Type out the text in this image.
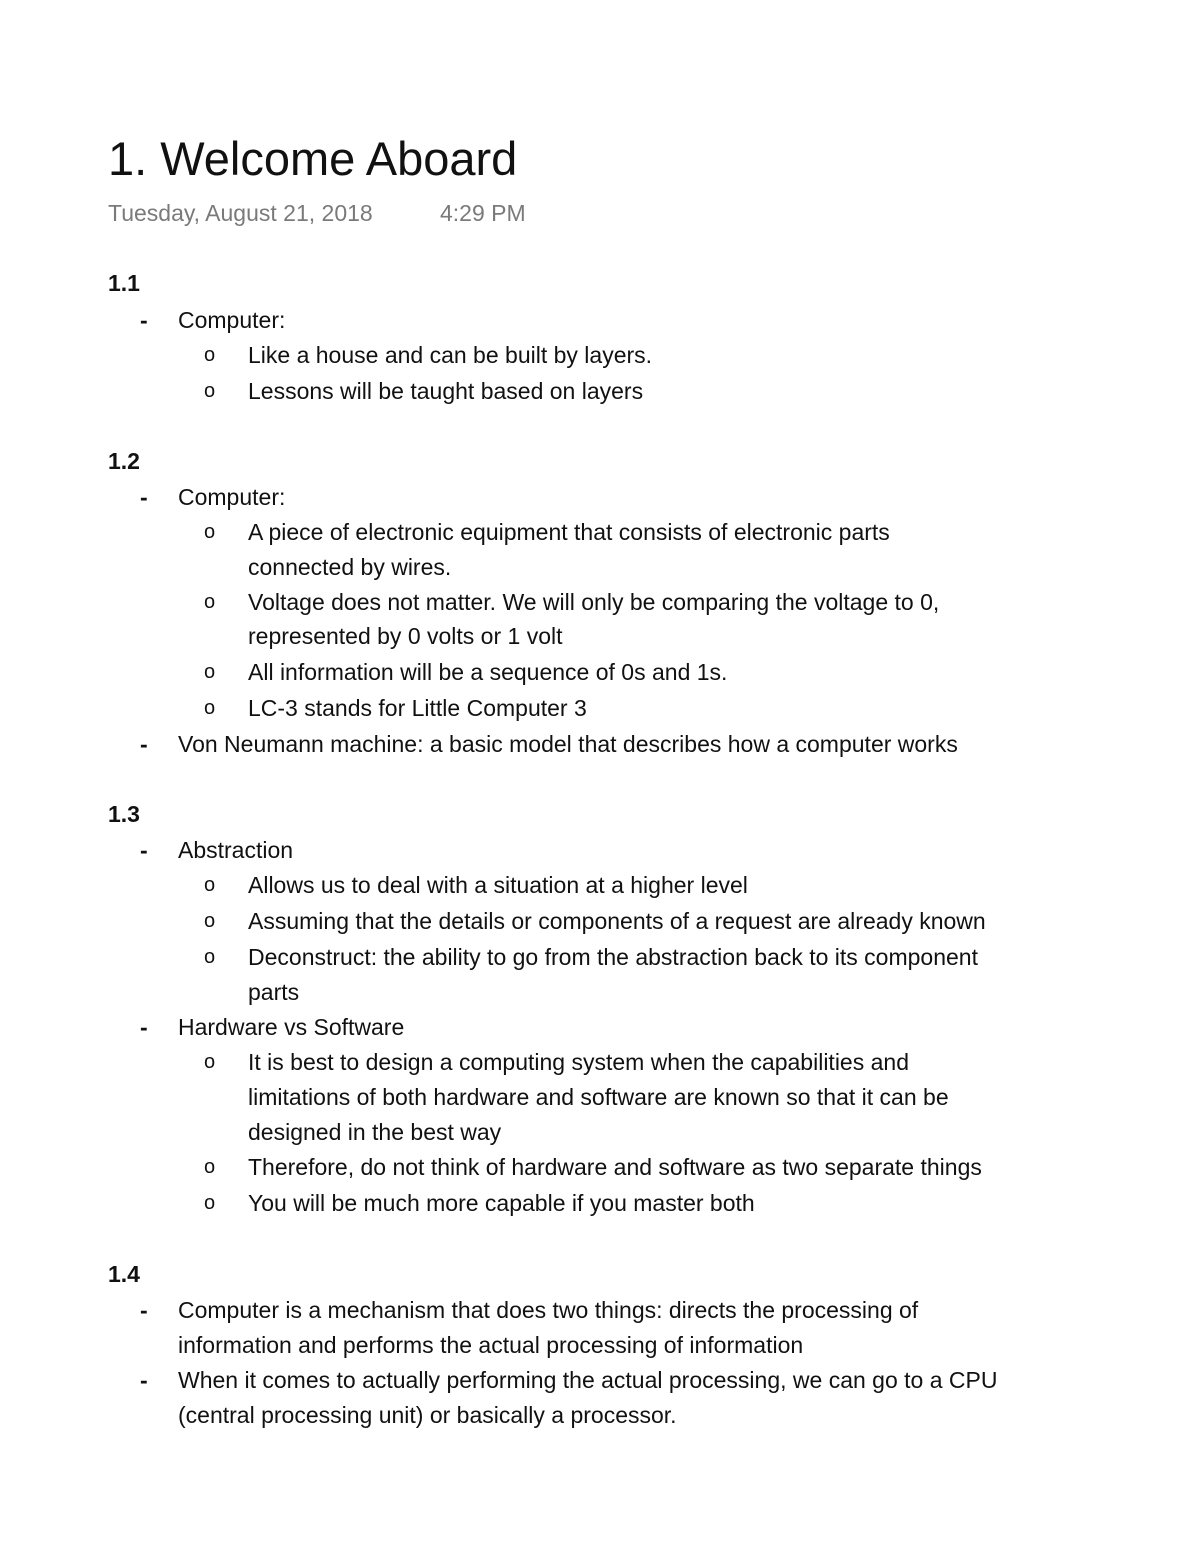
1. Welcome Aboard
Tuesday, August 21, 2018	4:29 PM
1.1
- Computer:
o Like a house and can be built by layers.
o Lessons will be taught based on layers
1.2
- Computer:
o A piece of electronic equipment that consists of electronic parts
connected by wires.
o Voltage does not matter. We will only be comparing the voltage to 0,
represented by 0 volts or 1 volt
o All information will be a sequence of 0s and 1s.
o LC-3 stands for Little Computer 3
- Von Neumann machine: a basic model that describes how a computer works
1.3
- Abstraction
o Allows us to deal with a situation at a higher level
o Assuming that the details or components of a request are already known
o Deconstruct: the ability to go from the abstraction back to its component
parts
- Hardware vs Software
o It is best to design a computing system when the capabilities and
limitations of both hardware and software are known so that it can be
designed in the best way
o Therefore, do not think of hardware and software as two separate things
o You will be much more capable if you master both
1.4
- Computer is a mechanism that does two things: directs the processing of
information and performs the actual processing of information
- When it comes to actually performing the actual processing, we can go to a CPU
(central processing unit) or basically a processor.
